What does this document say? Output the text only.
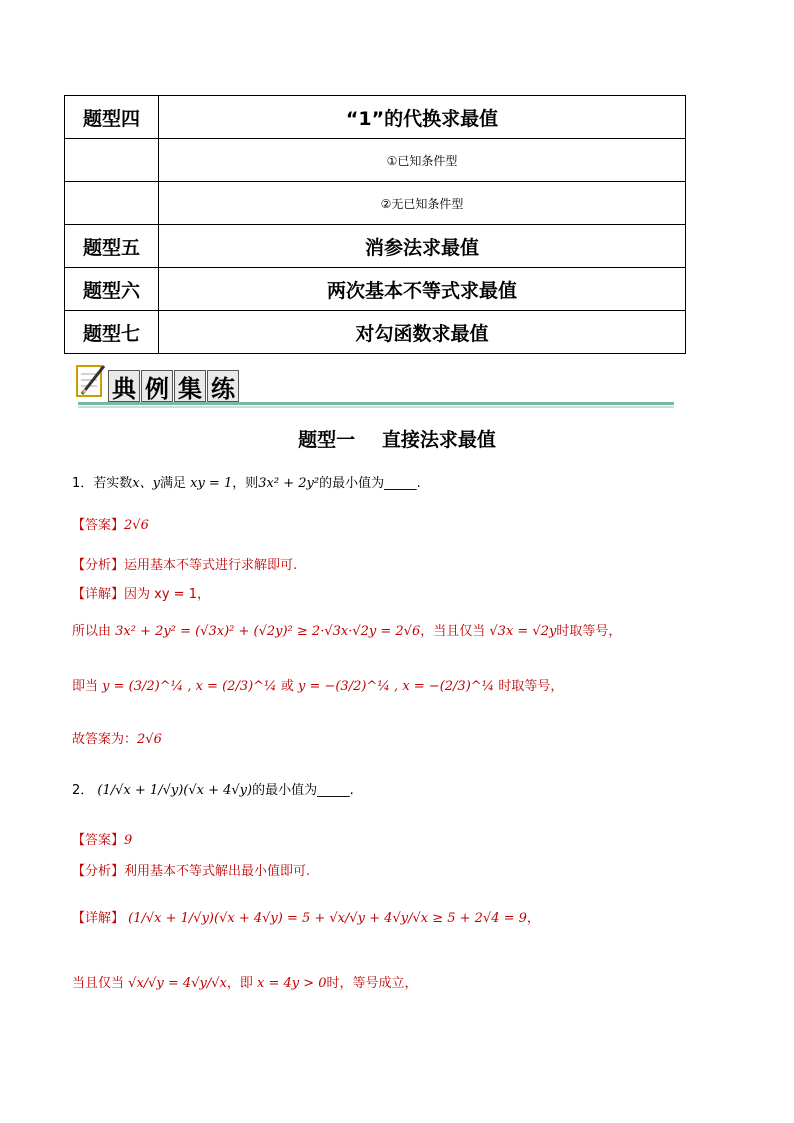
题型四	“1”的代换求最值
	①已知条件型
	②无已知条件型
题型五	消参法求最值
题型六	两次基本不等式求最值
题型七	对勾函数求最值
典 例 集 练
题型一 直接法求最值
1．若实数x、y满足 xy = 1，则3x² + 2y²的最小值为_____.
【答案】2√6
【分析】运用基本不等式进行求解即可.
【详解】因为 xy = 1，
所以由 3x² + 2y² = (√3x)² + (√2y)² ≥ 2·√3x·√2y = 2√6，当且仅当 √3x = √2y时取等号，
即当 y = (3/2)^¼ , x = (2/3)^¼ 或 y = −(3/2)^¼ , x = −(2/3)^¼ 时取等号，
故答案为：2√6
2． (1/√x + 1/√y)(√x + 4√y)的最小值为_____.
【答案】9
【分析】利用基本不等式解出最小值即可.
【详解】 (1/√x + 1/√y)(√x + 4√y) = 5 + √x/√y + 4√y/√x ≥ 5 + 2√4 = 9，
当且仅当 √x/√y = 4√y/√x，即 x = 4y > 0时，等号成立，
